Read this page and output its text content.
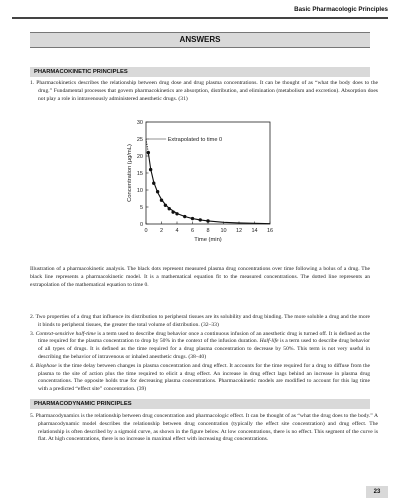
Basic Pharmacologic Principles
ANSWERS
PHARMACOKINETIC PRINCIPLES

1. Pharmacokinetics describes the relationship between drug dose and drug plasma concentrations. It can be thought of as “what the body does to the drug.” Fundamental processes that govern pharmacokinetics are absorption, distribution, and elimination (metabolism and excretion). Absorption does not play a role in intravenously administered anesthetic drugs. (31)

0 2 4 6 8 10 12 14 16
0
5
10
15
20
25
30
Time (min)
Concentration (µg/mL)
Extrapolated to time 0

Illustration of a pharmacokinetic analysis. The black dots represent measured plasma drug concentrations over time following a bolus of a drug. The black line represents a pharmacokinetic model. It is a mathematical equation fit to the measured concentrations. The dotted line represents an extrapolation of the mathematical equation to time 0.

2. Two properties of a drug that influence its distribution to peripheral tissues are its solubility and drug binding. The more soluble a drug and the more it binds to peripheral tissues, the greater the total volume of distribution. (32–33)

3. Context-sensitive half-time is a term used to describe drug behavior once a continuous infusion of an anesthetic drug is turned off. It is defined as the time required for the plasma concentration to drop by 50% in the context of the infusion duration. Half-life is a term used to describe drug behavior of all types of drugs. It is defined as the time required for a drug plasma concentration to decrease by 50%. This term is not very useful in describing the behavior of intravenous or inhaled anesthetic drugs. (38–40)

4. Biophase is the time delay between changes in plasma concentration and drug effect. It accounts for the time required for a drug to diffuse from the plasma to the site of action plus the time required to elicit a drug effect. An increase in drug effect lags behind an increase in plasma drug concentrations. The opposite holds true for decreasing plasma concentrations. Pharmacokinetic models are modified to account for this lag time with a predicted “effect site” concentration. (39)

PHARMACODYNAMIC PRINCIPLES

5. Pharmacodynamics is the relationship between drug concentration and pharmacologic effect. It can be thought of as “what the drug does to the body.” A pharmacodynamic model describes the relationship between drug concentration (typically the effect site concentration) and drug effect. The relationship is often described by a sigmoid curve, as shown in the figure below. At low concentrations, there is no effect. This segment of the curve is flat. At high concentrations, there is no increase in maximal effect with increasing drug concentrations.

23
